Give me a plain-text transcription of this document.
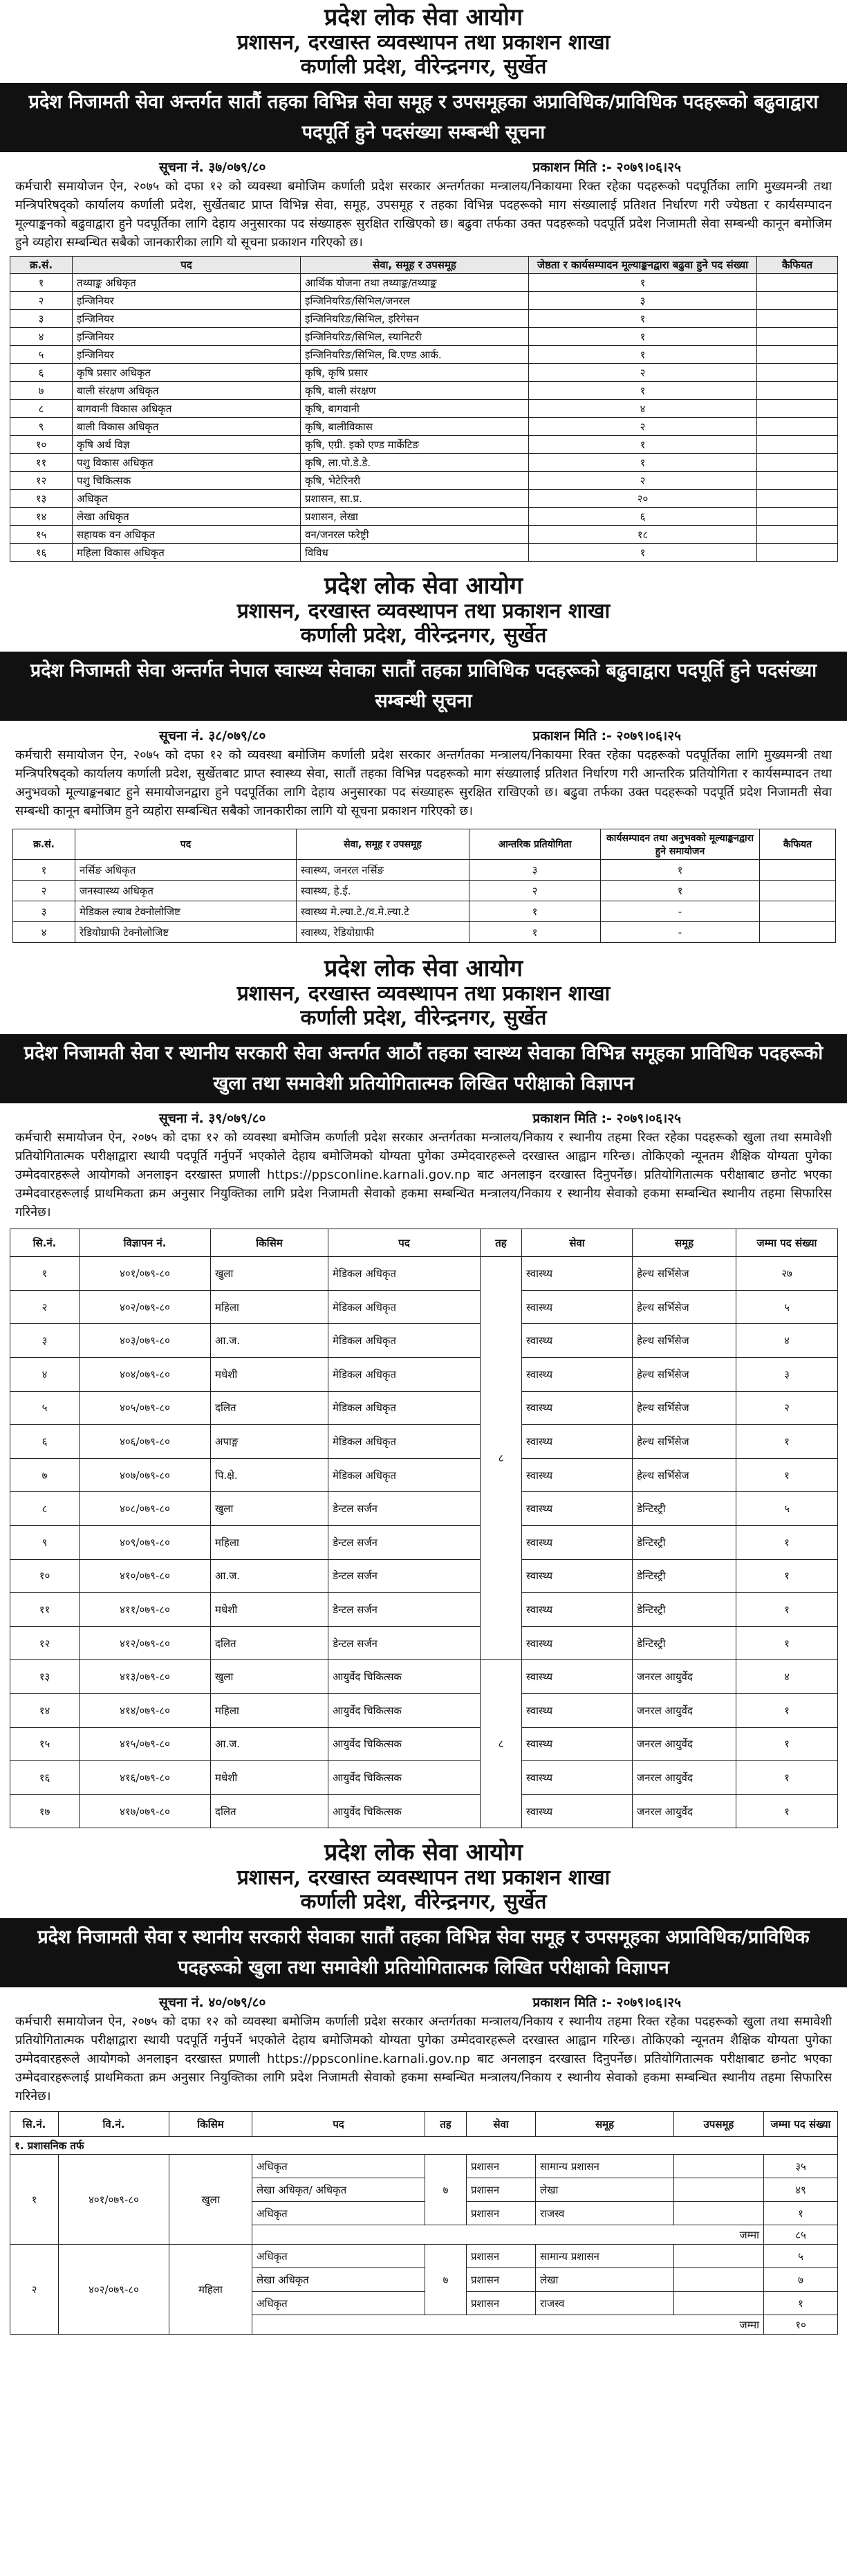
प्रदेश लोक सेवा आयोग
प्रशासन, दरखास्त व्यवस्थापन तथा प्रकाशन शाखा
कर्णाली प्रदेश, वीरेन्द्रनगर, सुर्खेत
प्रदेश निजामती सेवा अन्तर्गत सातौं तहका विभिन्न सेवा समूह र उपसमूहका अप्राविधिक/प्राविधिक पदहरूको बढुवाद्वारा पदपूर्ति हुने पदसंख्या सम्बन्धी सूचना
सूचना नं. ३७/०७९/८०	प्रकाशन मिति :- २०७९।०६।२५

कर्मचारी समायोजन ऐन, २०७५ को दफा १२ को व्यवस्था बमोजिम कर्णाली प्रदेश सरकार अन्तर्गतका मन्त्रालय/निकायमा रिक्त रहेका पदहरूको पदपूर्तिका लागि मुख्यमन्त्री तथा मन्त्रिपरिषद्को कार्यालय कर्णाली प्रदेश, सुर्खेतबाट प्राप्त विभिन्न सेवा, समूह, उपसमूह र तहका विभिन्न पदहरूको माग संख्यालाई प्रतिशत निर्धारण गरी ज्येष्ठता र कार्यसम्पादन मूल्याङ्कनको बढुवाद्वारा हुने पदपूर्तिका लागि देहाय अनुसारका पद संख्याहरू सुरक्षित राखिएको छ। बढुवा तर्फका उक्त पदहरूको पदपूर्ति प्रदेश निजामती सेवा सम्बन्धी कानून बमोजिम हुने व्यहोरा सम्बन्धित सबैको जानकारीका लागि यो सूचना प्रकाशन गरिएको छ।

क्र.सं.	पद	सेवा, समूह र उपसमूह	जेष्ठता र कार्यसम्पादन मूल्याङ्कनद्वारा बढुवा हुने पद संख्या	कैफियत
१	तथ्याङ्क अधिकृत	आर्थिक योजना तथा तथ्याङ्क/तथ्याङ्क	१	
२	इन्जिनियर	इन्जिनियरिङ/सिभिल/जनरल	३	
३	इन्जिनियर	इन्जिनियरिङ/सिभिल, इरिगेसन	१	
४	इन्जिनियर	इन्जिनियरिङ/सिभिल, स्यानिटरी	१	
५	इन्जिनियर	इन्जिनियरिङ/सिभिल, बि.एण्ड आर्क.	१	
६	कृषि प्रसार अधिकृत	कृषि, कृषि प्रसार	२	
७	बाली संरक्षण अधिकृत	कृषि, बाली संरक्षण	१	
८	बागवानी विकास अधिकृत	कृषि, बागवानी	४	
९	बाली विकास अधिकृत	कृषि, बालीविकास	२	
१०	कृषि अर्थ विज्ञ	कृषि, एग्री. इको एण्ड मार्केटिङ	१	
११	पशु विकास अधिकृत	कृषि, ला.पो.डे.डे.	१	
१२	पशु चिकित्सक	कृषि, भेटेरिनरी	२	
१३	अधिकृत	प्रशासन, सा.प्र.	२०	
१४	लेखा अधिकृत	प्रशासन, लेखा	६	
१५	सहायक वन अधिकृत	वन/जनरल फरेष्ट्री	१८	
१६	महिला विकास अधिकृत	विविध	१	
प्रदेश लोक सेवा आयोग
प्रशासन, दरखास्त व्यवस्थापन तथा प्रकाशन शाखा
कर्णाली प्रदेश, वीरेन्द्रनगर, सुर्खेत
प्रदेश निजामती सेवा अन्तर्गत नेपाल स्वास्थ्य सेवाका सातौं तहका प्राविधिक पदहरूको बढुवाद्वारा पदपूर्ति हुने पदसंख्या सम्बन्धी सूचना
सूचना नं. ३८/०७९/८०	प्रकाशन मिति :- २०७९।०६।२५

कर्मचारी समायोजन ऐन, २०७५ को दफा १२ को व्यवस्था बमोजिम कर्णाली प्रदेश सरकार अन्तर्गतका मन्त्रालय/निकायमा रिक्त रहेका पदहरूको पदपूर्तिका लागि मुख्यमन्त्री तथा मन्त्रिपरिषद्को कार्यालय कर्णाली प्रदेश, सुर्खेतबाट प्राप्त स्वास्थ्य सेवा, सातौं तहका विभिन्न पदहरूको माग संख्यालाई प्रतिशत निर्धारण गरी आन्तरिक प्रतियोगिता र कार्यसम्पादन तथा अनुभवको मूल्याङ्कनबाट हुने समायोजनद्वारा हुने पदपूर्तिका लागि देहाय अनुसारका पद संख्याहरू सुरक्षित राखिएको छ। बढुवा तर्फका उक्त पदहरूको पदपूर्ति प्रदेश निजामती सेवा सम्बन्धी कानून बमोजिम हुने व्यहोरा सम्बन्धित सबैको जानकारीका लागि यो सूचना प्रकाशन गरिएको छ।

क्र.सं.	पद	सेवा, समूह र उपसमूह	आन्तरिक प्रतियोगिता	कार्यसम्पादन तथा अनुभवको मूल्याङ्कनद्वारा हुने समायोजन	कैफियत
१	नर्सिङ अधिकृत	स्वास्थ्य, जनरल नर्सिङ	३	१	
२	जनस्वास्थ्य अधिकृत	स्वास्थ्य, हे.ई.	२	१	
३	मेडिकल ल्याब टेक्नोलोजिष्ट	स्वास्थ्य मे.ल्या.टे./व.मे.ल्या.टे	१	-	
४	रेडियोग्राफी टेक्नोलोजिष्ट	स्वास्थ्य, रेडियोग्राफी	१	-	
प्रदेश लोक सेवा आयोग
प्रशासन, दरखास्त व्यवस्थापन तथा प्रकाशन शाखा
कर्णाली प्रदेश, वीरेन्द्रनगर, सुर्खेत
प्रदेश निजामती सेवा र स्थानीय सरकारी सेवा अन्तर्गत आठौं तहका स्वास्थ्य सेवाका विभिन्न समूहका प्राविधिक पदहरूको खुला तथा समावेशी प्रतियोगितात्मक लिखित परीक्षाको विज्ञापन
सूचना नं. ३९/०७९/८०	प्रकाशन मिति :- २०७९।०६।२५

कर्मचारी समायोजन ऐन, २०७५ को दफा १२ को व्यवस्था बमोजिम कर्णाली प्रदेश सरकार अन्तर्गतका मन्त्रालय/निकाय र स्थानीय तहमा रिक्त रहेका पदहरूको खुला तथा समावेशी प्रतियोगितात्मक परीक्षाद्वारा स्थायी पदपूर्ति गर्नुपर्ने भएकोले देहाय बमोजिमको योग्यता पुगेका उम्मेदवारहरूले दरखास्त आह्वान गरिन्छ। तोकिएको न्यूनतम शैक्षिक योग्यता पुगेका उम्मेदवारहरूले आयोगको अनलाइन दरखास्त प्रणाली https://ppsconline.karnali.gov.np बाट अनलाइन दरखास्त दिनुपर्नेछ। प्रतियोगितात्मक परीक्षाबाट छनोट भएका उम्मेदवारहरूलाई प्राथमिकता क्रम अनुसार नियुक्तिका लागि प्रदेश निजामती सेवाको हकमा सम्बन्धित मन्त्रालय/निकाय र स्थानीय सेवाको हकमा सम्बन्धित स्थानीय तहमा सिफारिस गरिनेछ।

सि.नं.	विज्ञापन नं.	किसिम	पद	तह	सेवा	समूह	जम्मा पद संख्या
१	४०१/०७९-८०	खुला	मेडिकल अधिकृत	८	स्वास्थ्य	हेल्थ सर्भिसेज	२७
२	४०२/०७९-८०	महिला	मेडिकल अधिकृत		स्वास्थ्य	हेल्थ सर्भिसेज	५
३	४०३/०७९-८०	आ.ज.	मेडिकल अधिकृत		स्वास्थ्य	हेल्थ सर्भिसेज	४
४	४०४/०७९-८०	मधेशी	मेडिकल अधिकृत		स्वास्थ्य	हेल्थ सर्भिसेज	३
५	४०५/०७९-८०	दलित	मेडिकल अधिकृत		स्वास्थ्य	हेल्थ सर्भिसेज	२
६	४०६/०७९-८०	अपाङ्ग	मेडिकल अधिकृत		स्वास्थ्य	हेल्थ सर्भिसेज	१
७	४०७/०७९-८०	पि.क्षे.	मेडिकल अधिकृत		स्वास्थ्य	हेल्थ सर्भिसेज	१
८	४०८/०७९-८०	खुला	डेन्टल सर्जन		स्वास्थ्य	डेन्टिस्ट्री	५
९	४०९/०७९-८०	महिला	डेन्टल सर्जन		स्वास्थ्य	डेन्टिस्ट्री	१
१०	४१०/०७९-८०	आ.ज.	डेन्टल सर्जन		स्वास्थ्य	डेन्टिस्ट्री	१
११	४११/०७९-८०	मधेशी	डेन्टल सर्जन		स्वास्थ्य	डेन्टिस्ट्री	१
१२	४१२/०७९-८०	दलित	डेन्टल सर्जन		स्वास्थ्य	डेन्टिस्ट्री	१
१३	४१३/०७९-८०	खुला	आयुर्वेद चिकित्सक	८	स्वास्थ्य	जनरल आयुर्वेद	४
१४	४१४/०७९-८०	महिला	आयुर्वेद चिकित्सक		स्वास्थ्य	जनरल आयुर्वेद	१
१५	४१५/०७९-८०	आ.ज.	आयुर्वेद चिकित्सक		स्वास्थ्य	जनरल आयुर्वेद	१
१६	४१६/०७९-८०	मधेशी	आयुर्वेद चिकित्सक		स्वास्थ्य	जनरल आयुर्वेद	१
१७	४१७/०७९-८०	दलित	आयुर्वेद चिकित्सक		स्वास्थ्य	जनरल आयुर्वेद	१
प्रदेश लोक सेवा आयोग
प्रशासन, दरखास्त व्यवस्थापन तथा प्रकाशन शाखा
कर्णाली प्रदेश, वीरेन्द्रनगर, सुर्खेत
प्रदेश निजामती सेवा र स्थानीय सरकारी सेवाका सातौं तहका विभिन्न सेवा समूह र उपसमूहका अप्राविधिक/प्राविधिक पदहरूको खुला तथा समावेशी प्रतियोगितात्मक लिखित परीक्षाको विज्ञापन
सूचना नं. ४०/०७९/८०	प्रकाशन मिति :- २०७९।०६।२५

कर्मचारी समायोजन ऐन, २०७५ को दफा १२ को व्यवस्था बमोजिम कर्णाली प्रदेश सरकार अन्तर्गतका मन्त्रालय/निकाय र स्थानीय तहमा रिक्त रहेका पदहरूको खुला तथा समावेशी प्रतियोगितात्मक परीक्षाद्वारा स्थायी पदपूर्ति गर्नुपर्ने भएकोले देहाय बमोजिमको योग्यता पुगेका उम्मेदवारहरूले दरखास्त आह्वान गरिन्छ। तोकिएको न्यूनतम शैक्षिक योग्यता पुगेका उम्मेदवारहरूले आयोगको अनलाइन दरखास्त प्रणाली https://ppsconline.karnali.gov.np बाट अनलाइन दरखास्त दिनुपर्नेछ। प्रतियोगितात्मक परीक्षाबाट छनोट भएका उम्मेदवारहरूलाई प्राथमिकता क्रम अनुसार नियुक्तिका लागि प्रदेश निजामती सेवाको हकमा सम्बन्धित मन्त्रालय/निकाय र स्थानीय सेवाको हकमा सम्बन्धित स्थानीय तहमा सिफारिस गरिनेछ।

सि.नं.	वि.नं.	किसिम	पद	तह	सेवा	समूह	उपसमूह	जम्मा पद संख्या
१. प्रशासनिक तर्फ								
१	४०१/०७९-८०	खुला	अधिकृत	७	प्रशासन	सामान्य प्रशासन		३५
			लेखा अधिकृत/ अधिकृत		प्रशासन	लेखा		४९
			अधिकृत		प्रशासन	राजस्व		१
			जम्मा					८५
२	४०२/०७९-८०	महिला	अधिकृत	७	प्रशासन	सामान्य प्रशासन		५
			लेखा अधिकृत		प्रशासन	लेखा		७
			अधिकृत		प्रशासन	राजस्व		१
			जम्मा					१०
